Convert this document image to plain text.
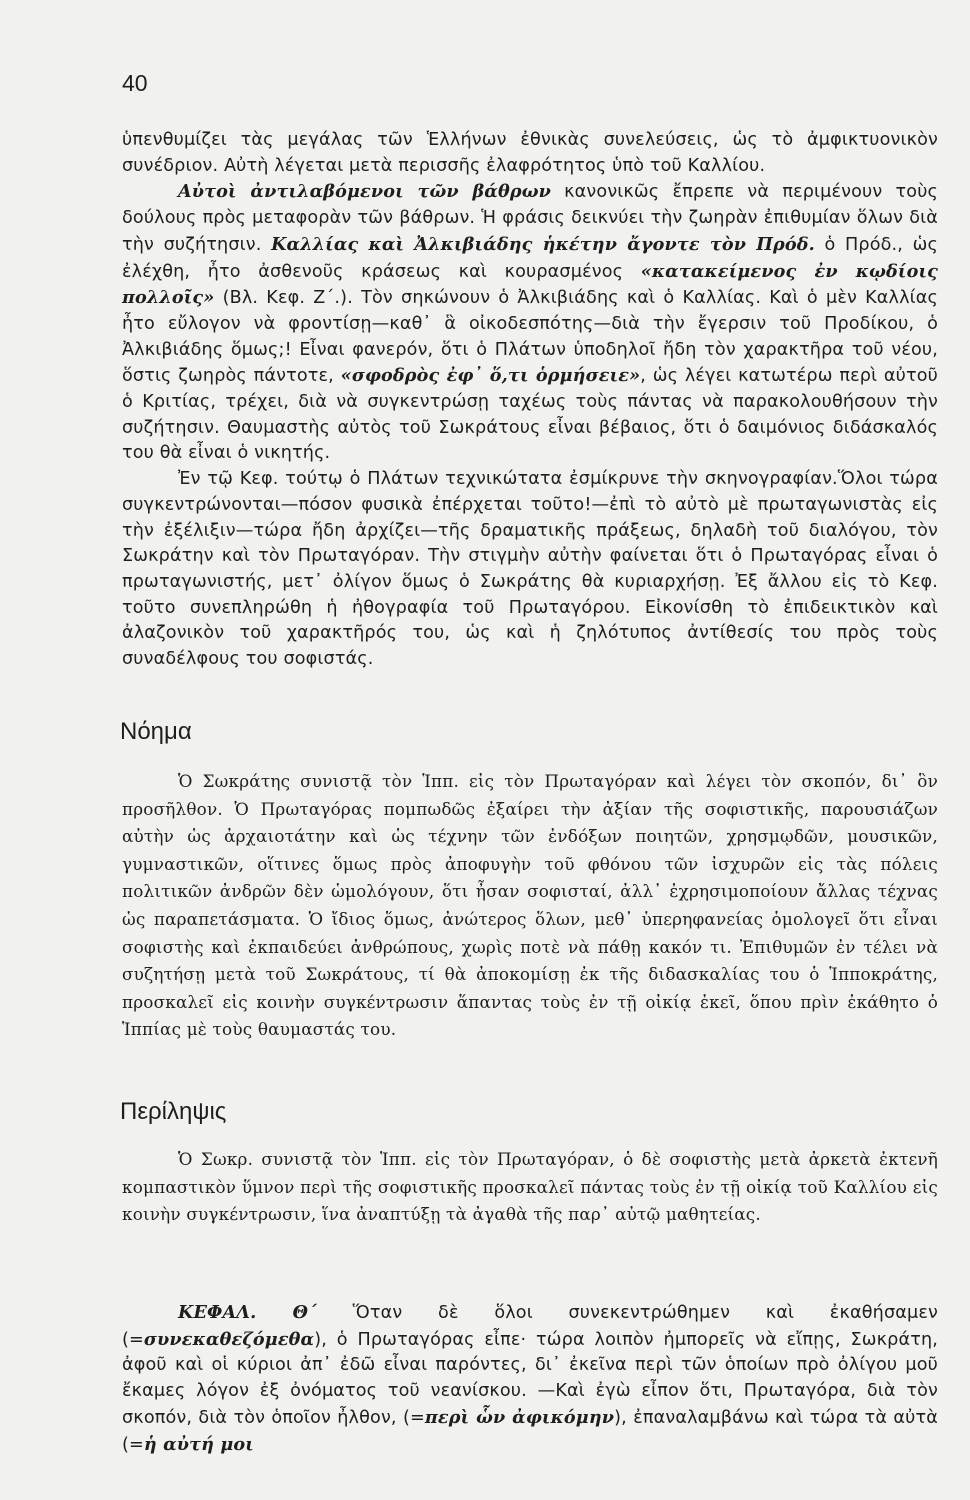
40

ὑπενθυμίζει τὰς μεγάλας τῶν Ἑλλήνων ἐθνικὰς συνελεύσεις, ὡς τὸ ἀμφικτυονικὸν συνέδριον. Αὐτὴ λέγεται μετὰ περισσῆς ἐλαφρότητος ὑπὸ τοῦ Καλλίου.

Αὐτοὶ ἀντιλαβόμενοι τῶν βάθρων κανονικῶς ἔπρεπε νὰ περιμένουν τοὺς δούλους πρὸς μεταφορὰν τῶν βάθρων. Ἡ φράσις δεικνύει τὴν ζωηρὰν ἐπιθυμίαν ὅλων διὰ τὴν συζήτησιν. Καλλίας καὶ Ἀλκιβιάδης ἡκέτην ἄγοντε τὸν Πρόδ. ὁ Πρόδ., ὡς ἐλέχθη, ἦτο ἀσθενοῦς κράσεως καὶ κουρασμένος «κατακείμενος ἐν κῳδίοις πολλοῖς» (Βλ. Κεφ. Ζ΄.). Τὸν σηκώνουν ὁ Ἀλκιβιάδης καὶ ὁ Καλλίας. Καὶ ὁ μὲν Καλλίας ἦτο εὔλογον νὰ φροντίσῃ—καθ᾽ ἃ οἰκοδεσπότης—διὰ τὴν ἔγερσιν τοῦ Προδίκου, ὁ Ἀλκιβιάδης ὅμως;! Εἶναι φανερόν, ὅτι ὁ Πλάτων ὑποδηλοῖ ἤδη τὸν χαρακτῆρα τοῦ νέου, ὅστις ζωηρὸς πάντοτε, «σφοδρὸς ἐφ᾽ ὅ,τι ὁρμήσειε», ὡς λέγει κατωτέρω περὶ αὐτοῦ ὁ Κριτίας, τρέχει, διὰ νὰ συγκεντρώσῃ ταχέως τοὺς πάντας νὰ παρακολουθήσουν τὴν συζήτησιν. Θαυμαστὴς αὐτὸς τοῦ Σωκράτους εἶναι βέβαιος, ὅτι ὁ δαιμόνιος διδάσκαλός του θὰ εἶναι ὁ νικητής.

Ἐν τῷ Κεφ. τούτῳ ὁ Πλάτων τεχνικώτατα ἐσμίκρυνε τὴν σκηνογραφίαν.Ὅλοι τώρα συγκεντρώνονται—πόσον φυσικὰ ἐπέρχεται τοῦτο!—ἐπὶ τὸ αὐτὸ μὲ πρωταγωνιστὰς εἰς τὴν ἐξέλιξιν—τώρα ἤδη ἀρχίζει—τῆς δραματικῆς πράξεως, δηλαδὴ τοῦ διαλόγου, τὸν Σωκράτην καὶ τὸν Πρωταγόραν. Τὴν στιγμὴν αὐτὴν φαίνεται ὅτι ὁ Πρωταγόρας εἶναι ὁ πρωταγωνιστής, μετ᾽ ὀλίγον ὅμως ὁ Σωκράτης θὰ κυριαρχήσῃ. Ἐξ ἄλλου εἰς τὸ Κεφ. τοῦτο συνεπληρώθη ἡ ἠθογραφία τοῦ Πρωταγόρου. Εἰκονίσθη τὸ ἐπιδεικτικὸν καὶ ἀλαζονικὸν τοῦ χαρακτῆρός του, ὡς καὶ ἡ ζηλότυπος ἀντίθεσίς του πρὸς τοὺς συναδέλφους του σοφιστάς.

Νόημα
Ὁ Σωκράτης συνιστᾷ τὸν Ἱππ. εἰς τὸν Πρωταγόραν καὶ λέγει τὸν σκοπόν, δι᾽ ὃν προσῆλθον. Ὁ Πρωταγόρας πομπωδῶς ἐξαίρει τὴν ἀξίαν τῆς σοφιστικῆς, παρουσιάζων αὐτὴν ὡς ἀρχαιοτάτην καὶ ὡς τέχνην τῶν ἐνδόξων ποιητῶν, χρησμῳδῶν, μουσικῶν, γυμναστικῶν, οἵτινες ὅμως πρὸς ἀποφυγὴν τοῦ φθόνου τῶν ἰσχυρῶν εἰς τὰς πόλεις πολιτικῶν ἀνδρῶν δὲν ὡμολόγουν, ὅτι ἦσαν σοφισταί, ἀλλ᾽ ἐχρησιμοποίουν ἄλλας τέχνας ὡς παραπετάσματα. Ὁ ἴδιος ὅμως, ἀνώτερος ὅλων, μεθ᾽ ὑπερηφανείας ὁμολογεῖ ὅτι εἶναι σοφιστὴς καὶ ἐκπαιδεύει ἀνθρώπους, χωρὶς ποτὲ νὰ πάθῃ κακόν τι. Ἐπιθυμῶν ἐν τέλει νὰ συζητήσῃ μετὰ τοῦ Σωκράτους, τί θὰ ἀποκομίσῃ ἐκ τῆς διδασκαλίας του ὁ Ἱπποκράτης, προσκαλεῖ εἰς κοινὴν συγκέντρωσιν ἅπαντας τοὺς ἐν τῇ οἰκίᾳ ἐκεῖ, ὅπου πρὶν ἐκάθητο ὁ Ἱππίας μὲ τοὺς θαυμαστάς του.
Περίληψις
Ὁ Σωκρ. συνιστᾷ τὸν Ἱππ. εἰς τὸν Πρωταγόραν, ὁ δὲ σοφιστὴς μετὰ ἀρκετὰ ἐκτενῆ κομπαστικὸν ὕμνον περὶ τῆς σοφιστικῆς προσκαλεῖ πάντας τοὺς ἐν τῇ οἰκίᾳ τοῦ Καλλίου εἰς κοινὴν συγκέντρωσιν, ἵνα ἀναπτύξῃ τὰ ἀγαθὰ τῆς παρ᾽ αὐτῷ μαθητείας.
ΚΕΦΑΛ. Θ΄ Ὅταν δὲ ὅλοι συνεκεντρώθημεν καὶ ἐκαθήσαμεν (=συνεκαθεζόμεθα), ὁ Πρωταγόρας εἶπε· τώρα λοιπὸν ἠμπορεῖς νὰ εἴπῃς, Σωκράτη, ἀφοῦ καὶ οἱ κύριοι ἀπ᾽ ἐδῶ εἶναι παρόντες, δι᾽ ἐκεῖνα περὶ τῶν ὁποίων πρὸ ὀλίγου μοῦ ἔκαμες λόγον ἐξ ὀνόματος τοῦ νεανίσκου. —Καὶ ἐγὼ εἶπον ὅτι, Πρωταγόρα, διὰ τὸν σκοπόν, διὰ τὸν ὁποῖον ἦλθον, (=περὶ ὧν ἀφικόμην), ἐπαναλαμβάνω καὶ τώρα τὰ αὐτὰ (=ἡ αὐτή μοι
